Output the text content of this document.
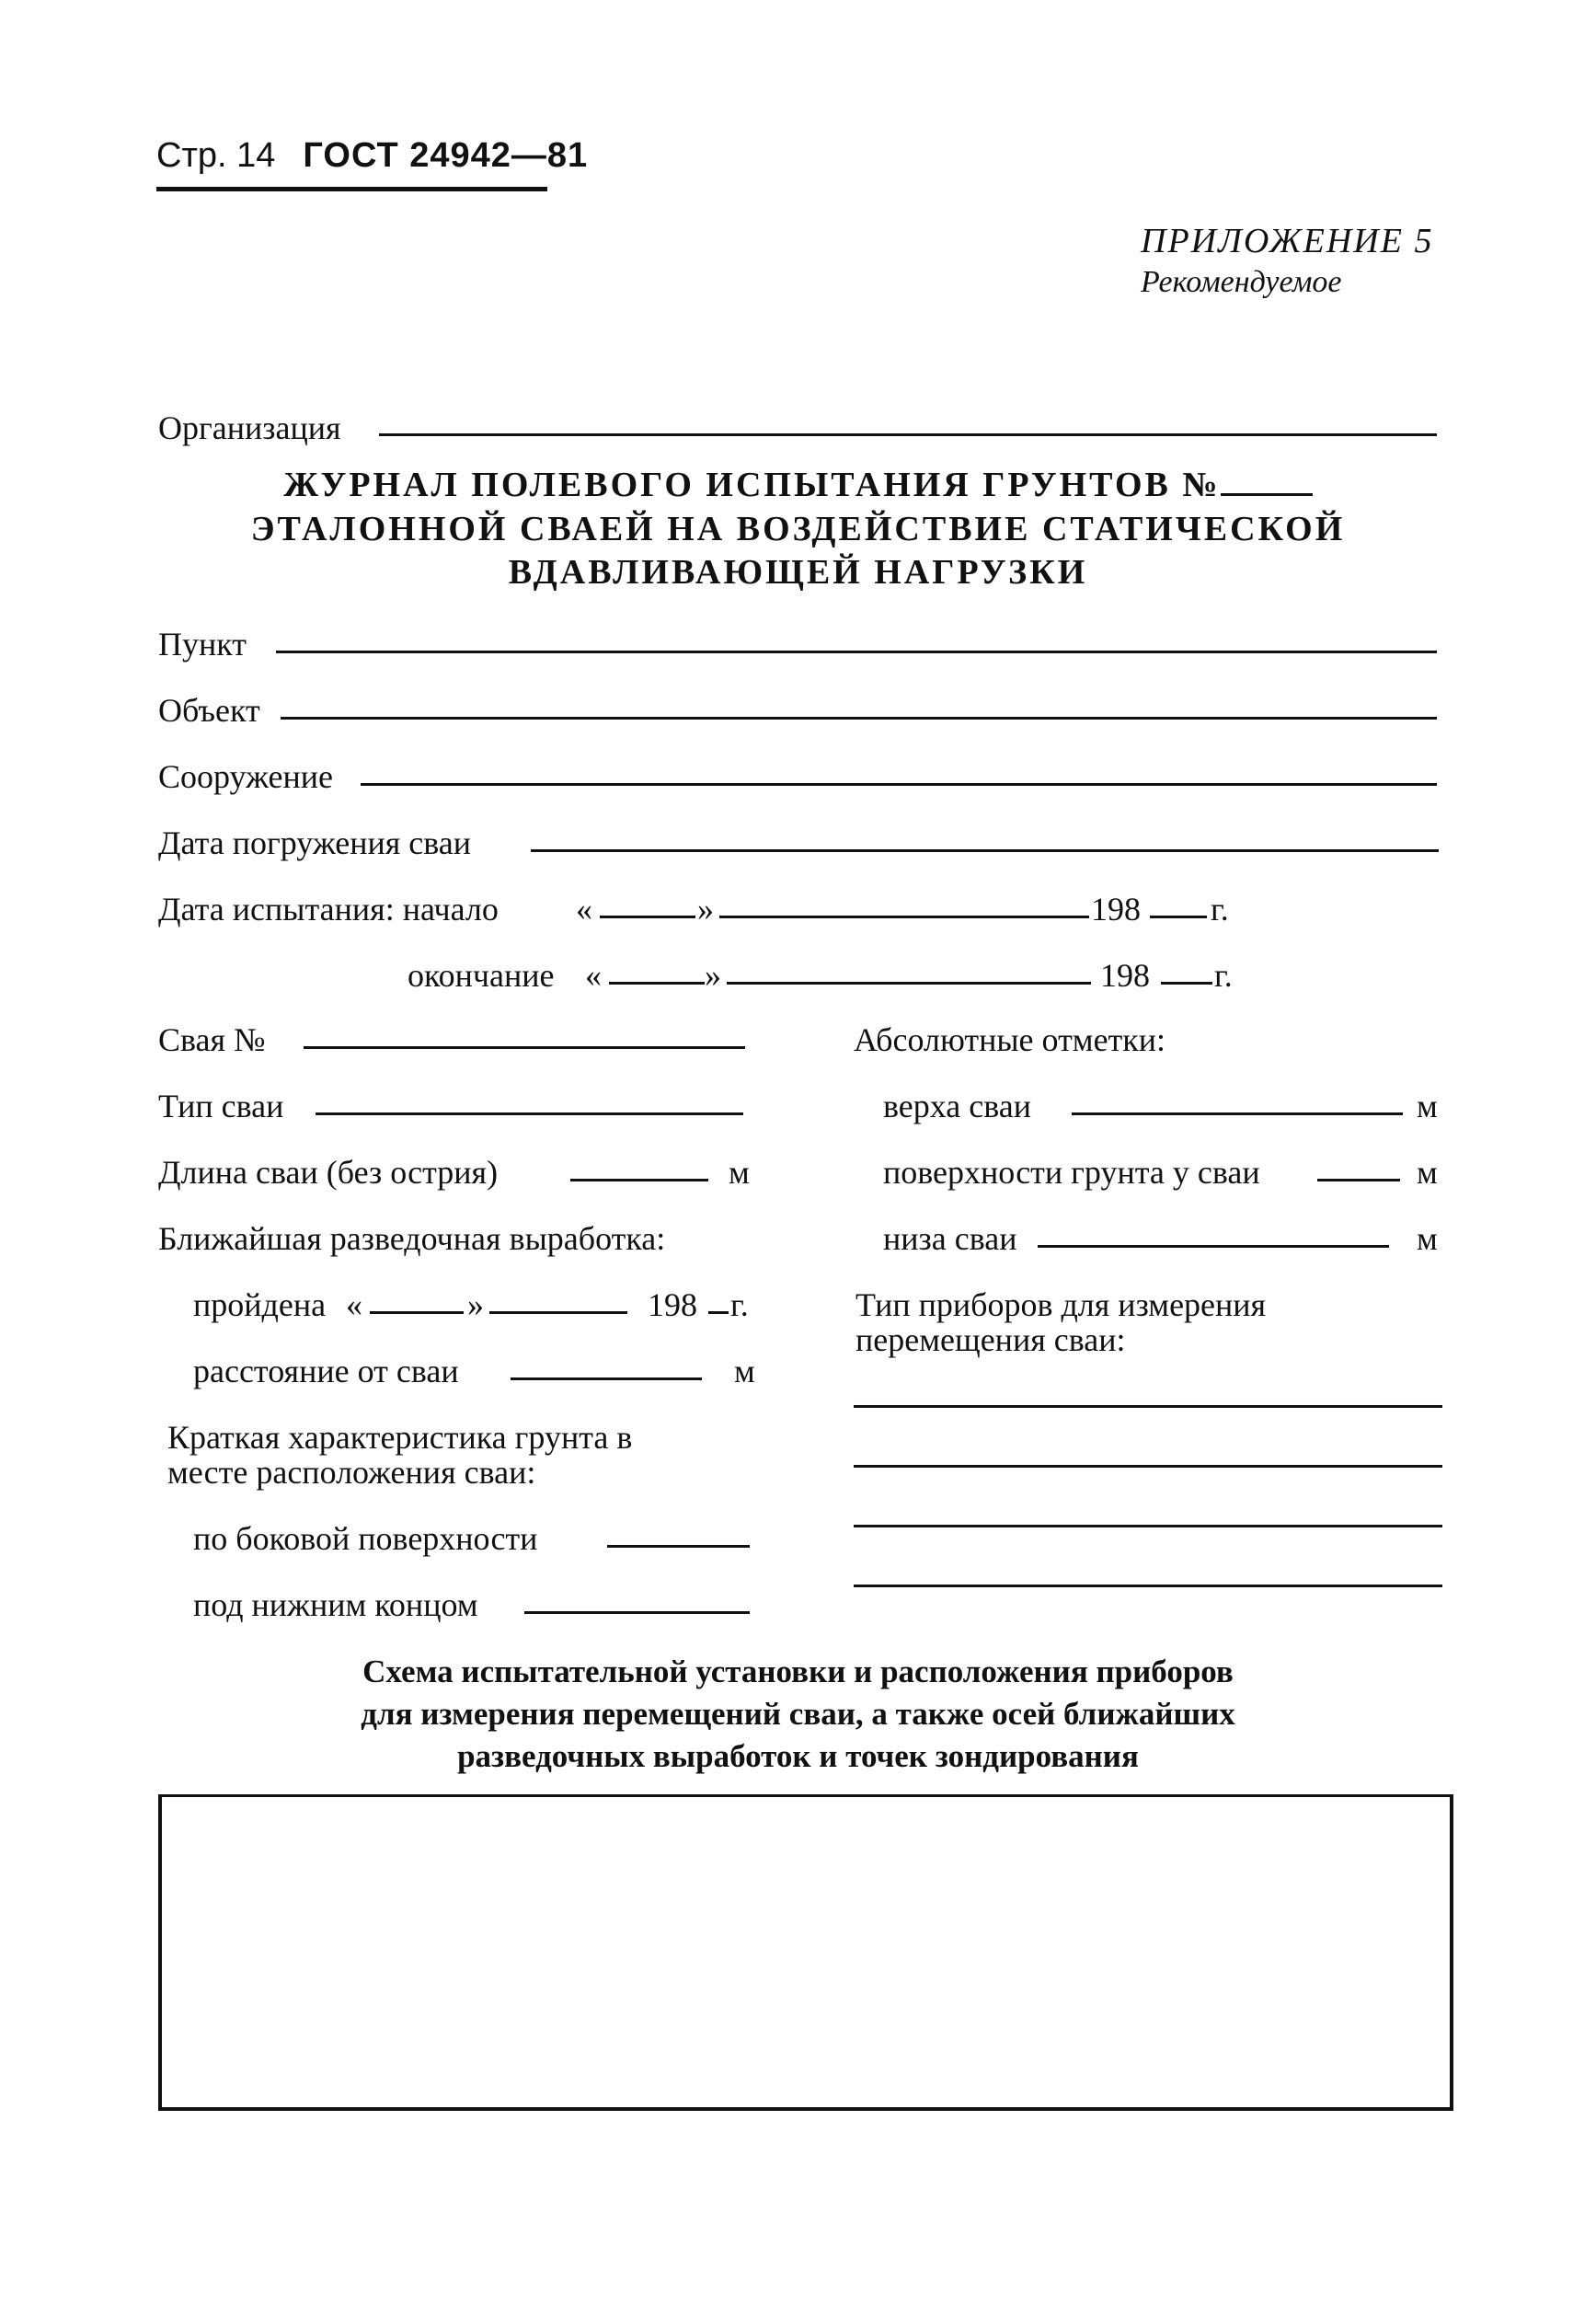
Стр. 14 ГОСТ 24942—81
ПРИЛОЖЕНИЕ 5
Рекомендуемое
Организация
ЖУРНАЛ ПОЛЕВОГО ИСПЫТАНИЯ ГРУНТОВ №
ЭТАЛОННОЙ СВАЕЙ НА ВОЗДЕЙСТВИЕ СТАТИЧЕСКОЙ
ВДАВЛИВАЮЩЕЙ НАГРУЗКИ
Пункт
Объект
Сооружение
Дата погружения сваи
Дата испытания: начало «	»	198 г.
окончание «	»	198 г.
Свая №
Тип сваи
Длина сваи (без острия)	м
Ближайшая разведочная выработка:
пройдена «	»	198 г.
расстояние от сваи	м
Краткая характеристика грунта в
месте расположения сваи:
по боковой поверхности
под нижним концом
Абсолютные отметки:
верха сваи	м
поверхности грунта у сваи	м
низа сваи	м
Тип приборов для измерения
перемещения сваи:
Схема испытательной установки и расположения приборов
для измерения перемещений сваи, а также осей ближайших
разведочных выработок и точек зондирования
